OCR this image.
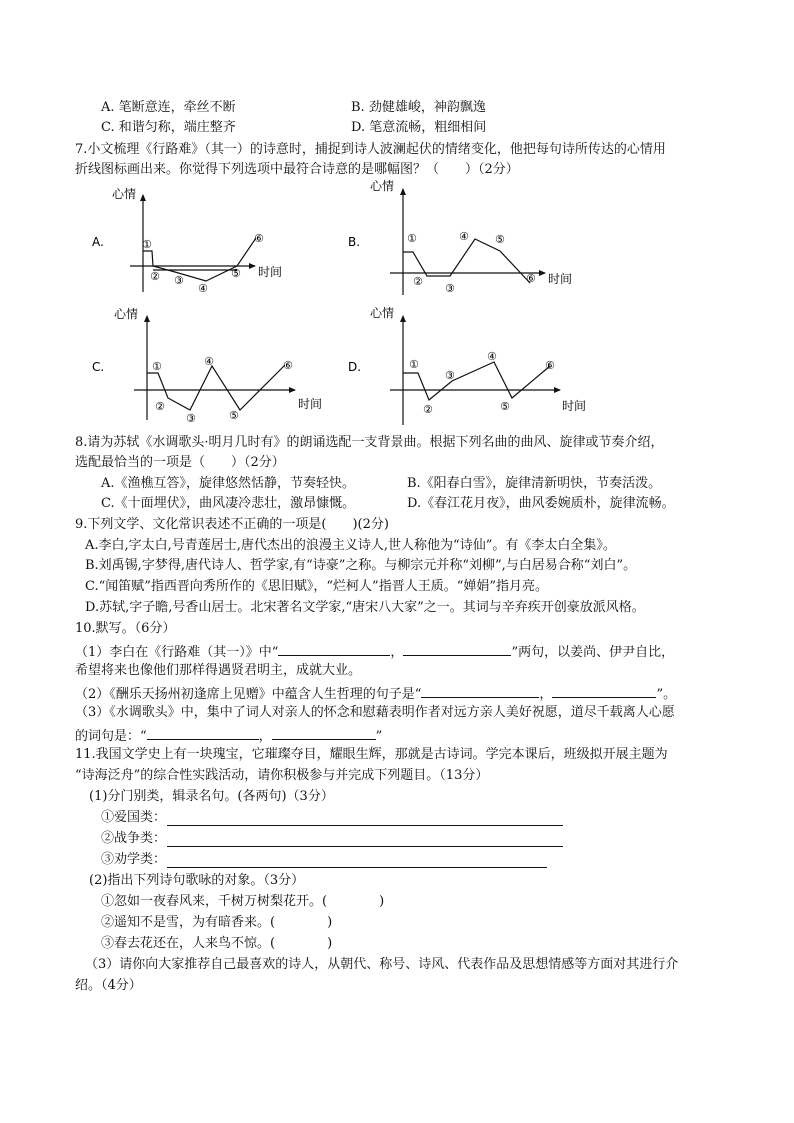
A. 笔断意连，牵丝不断	B. 劲健雄峻，神韵飘逸
C. 和谐匀称，端庄整齐	D. 笔意流畅，粗细相间
7.小文梳理《行路难》（其一）的诗意时，捕捉到诗人波澜起伏的情绪变化，他把每句诗所传达的心情用
折线图标画出来。你觉得下列选项中最符合诗意的是哪幅图？（　　）（2分）
A.
心情
时间
①
② ③
④
⑤
⑥	B.
心情
时间
①
②
③
④ ⑤
⑥
C.
心情
时间
①
②
③
④
⑤
⑥	D.
心情
时间
①
②
③
④
⑤
⑥
8.请为苏轼《水调歌头·明月几时有》的朗诵选配一支背景曲。根据下列名曲的曲风、旋律或节奏介绍，
选配最恰当的一项是（　　）（2分）
A.《渔樵互答》，旋律悠然恬静，节奏轻快。	B.《阳春白雪》，旋律清新明快，节奏活泼。
C.《十面埋伏》，曲风凄冷悲壮，激昂慷慨。	D.《春江花月夜》，曲风委婉质朴，旋律流畅。
9.下列文学、文化常识表述不正确的一项是(　　)(2分)
A.李白,字太白,号青莲居士,唐代杰出的浪漫主义诗人,世人称他为“诗仙”。有《李太白全集》。
B.刘禹锡,字梦得,唐代诗人、哲学家,有“诗豪”之称。与柳宗元并称“刘柳”,与白居易合称“刘白”。
C.“闻笛赋”指西晋向秀所作的《思旧赋》，“烂柯人”指晋人王质。“婵娟”指月亮。
D.苏轼,字子瞻,号香山居士。北宋著名文学家,“唐宋八大家”之一。其词与辛弃疾开创豪放派风格。
10.默写。（6分）
（1）李白在《行路难（其一）》中“	，	”两句，以姜尚、伊尹自比，
希望将来也像他们那样得遇贤君明主，成就大业。
（2）《酬乐天扬州初逢席上见赠》中蕴含人生哲理的句子是“	，	”。
（3）《水调歌头》中，集中了词人对亲人的怀念和慰藉表明作者对远方亲人美好祝愿，道尽千载离人心愿
的词句是：“	，	”
11.我国文学史上有一块瑰宝，它璀璨夺目，耀眼生辉，那就是古诗词。学完本课后，班级拟开展主题为
“诗海泛舟”的综合性实践活动，请你积极参与并完成下列题目。（13分）
(1)分门别类，辑录名句。(各两句)（3分）
①爱国类：
②战争类：
③劝学类：
(2)指出下列诗句歌咏的对象。（3分）
①忽如一夜春风来，千树万树梨花开。(　　　　)
②遥知不是雪，为有暗香来。(　　　　)
③春去花还在，人来鸟不惊。(　　　　)
（3）请你向大家推荐自己最喜欢的诗人，从朝代、称号、诗风、代表作品及思想情感等方面对其进行介
绍。（4分）
